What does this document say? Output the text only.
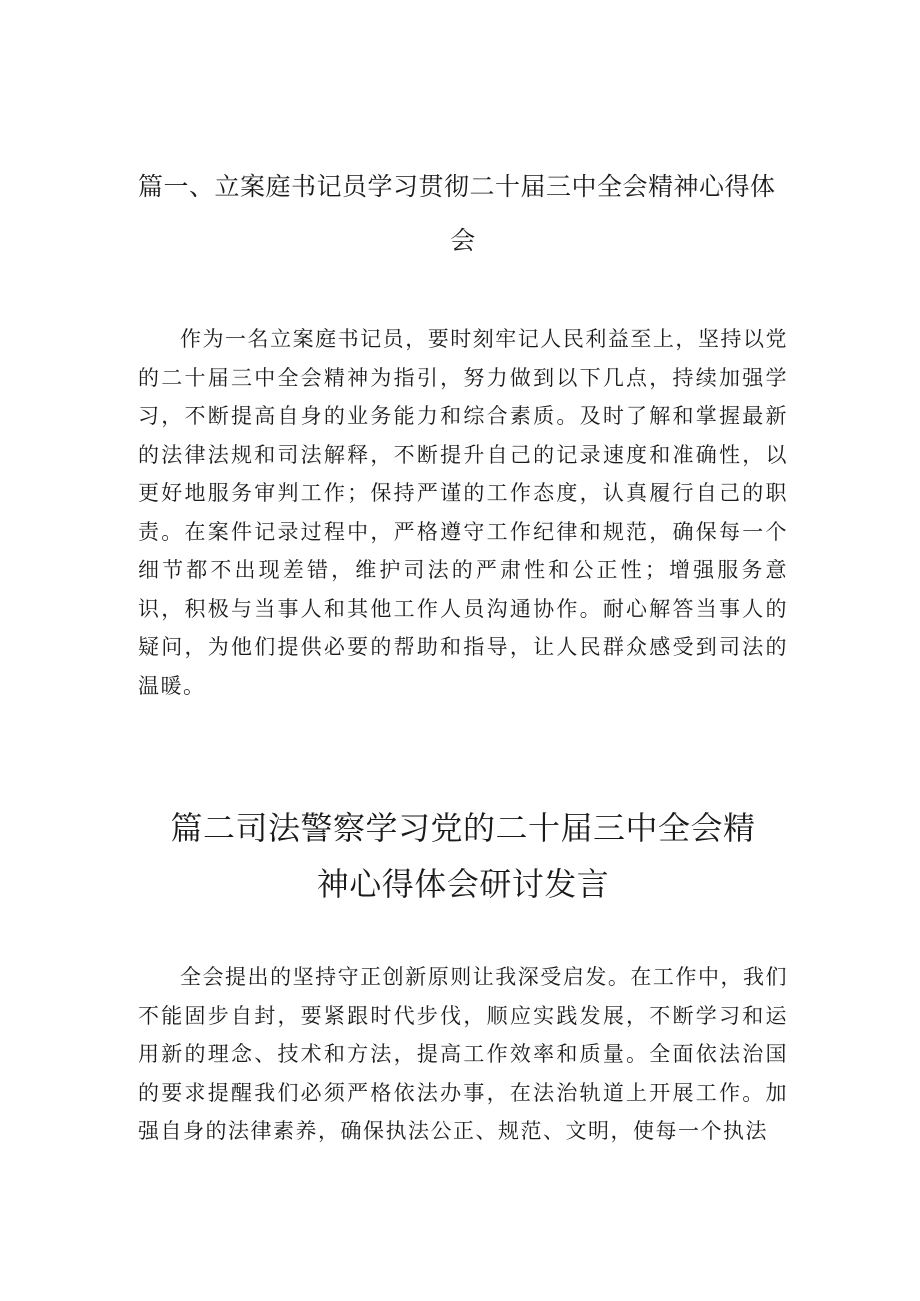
篇一、立案庭书记员学习贯彻二十届三中全会精神心得体
会

作为一名立案庭书记员，要时刻牢记人民利益至上，坚持以党的二十届三中全会精神为指引，努力做到以下几点，持续加强学习，不断提高自身的业务能力和综合素质。及时了解和掌握最新的法律法规和司法解释，不断提升自己的记录速度和准确性，以更好地服务审判工作；保持严谨的工作态度，认真履行自己的职责。在案件记录过程中，严格遵守工作纪律和规范，确保每一个细节都不出现差错，维护司法的严肃性和公正性；增强服务意识，积极与当事人和其他工作人员沟通协作。耐心解答当事人的疑问，为他们提供必要的帮助和指导，让人民群众感受到司法的温暖。

篇二司法警察学习党的二十届三中全会精
神心得体会研讨发言

全会提出的坚持守正创新原则让我深受启发。在工作中，我们不能固步自封，要紧跟时代步伐，顺应实践发展，不断学习和运用新的理念、技术和方法，提高工作效率和质量。全面依法治国的要求提醒我们必须严格依法办事，在法治轨道上开展工作。加强自身的法律素养，确保执法公正、规范、文明，使每一个执法
